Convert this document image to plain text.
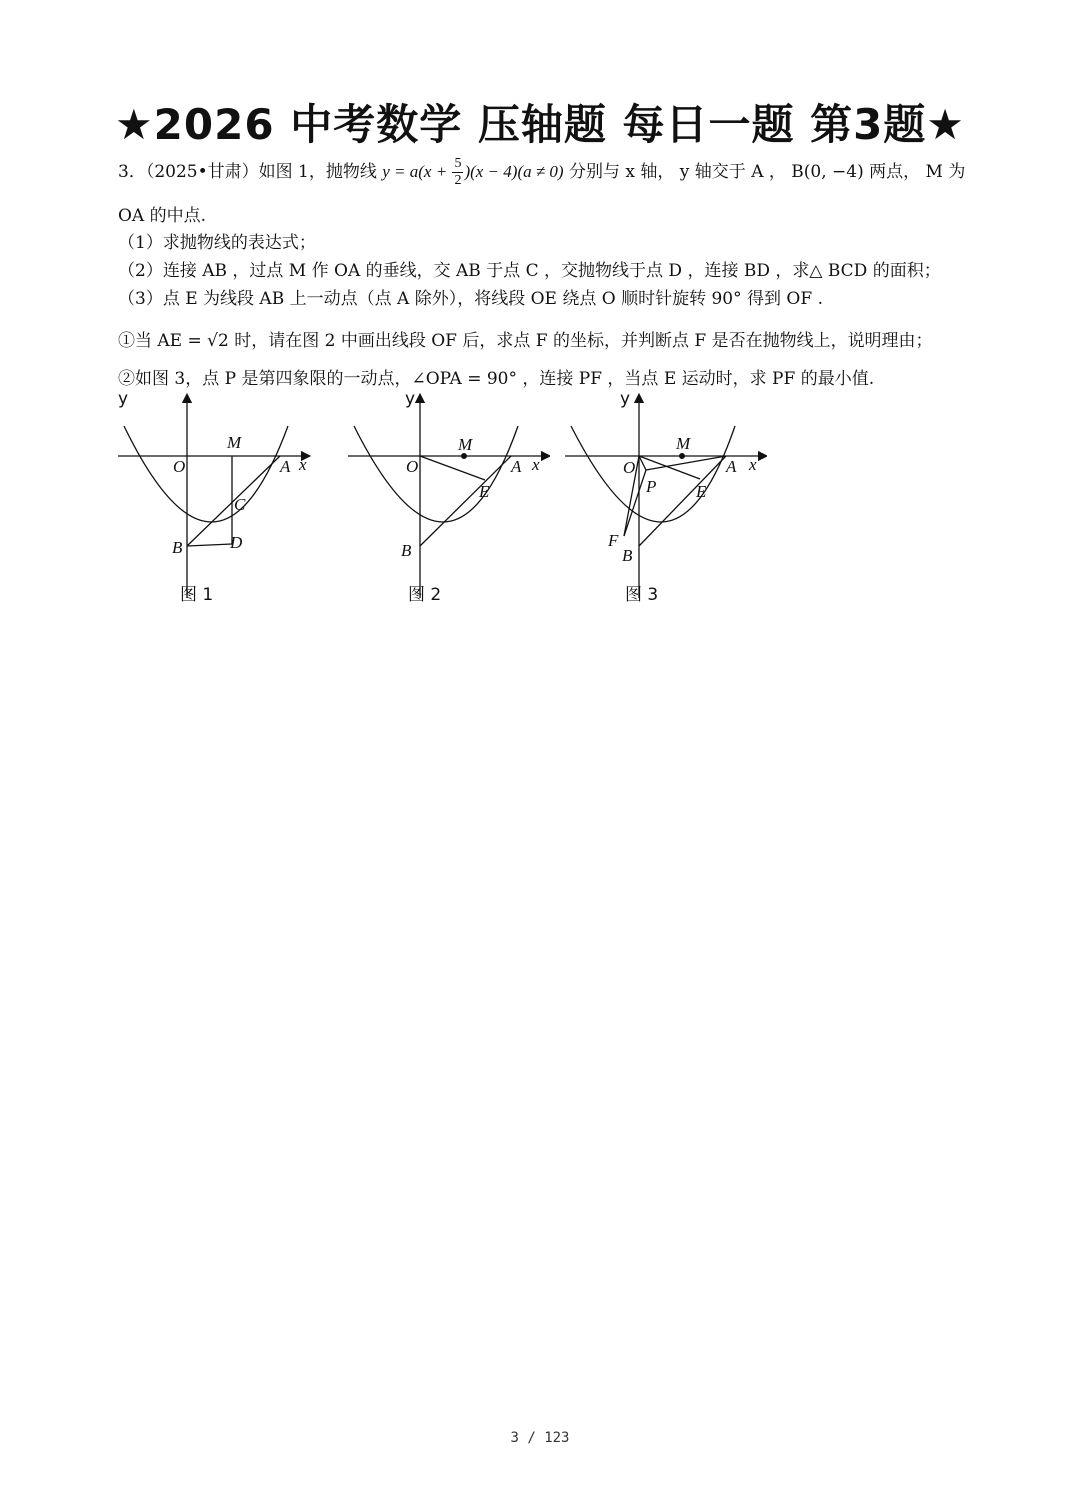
★2026 中考数学 压轴题 每日一题 第3题★
3．（2025•甘肃）如图 1，抛物线 $y = a(x + \frac{5}{2} )(x - 4)(a \ne 0)$ 分别与 x 轴， y 轴交于 A ， B(0, −4) 两点， M 为
OA 的中点.
（1）求抛物线的表达式；
（2）连接 AB ，过点 M 作 OA 的垂线，交 AB 于点 C ，交抛物线于点 D ，连接 BD ，求△ BCD 的面积；
（3）点 E 为线段 AB 上一动点（点 A 除外），将线段 OE 绕点 O 顺时针旋转 90° 得到 OF .
①当 AE = √2 时，请在图 2 中画出线段 OF 后，求点 F 的坐标，并判断点 F 是否在抛物线上，说明理由；
②如图 3，点 P 是第四象限的一动点，∠OPA = 90° ，连接 PF ，当点 E 运动时，求 PF 的最小值.
y
x
O	A
M
C
D
B
图 1
y
x
O	A
M
E
B
图 2
y
x
O	A
M
P E
F
B
图 3
3 / 123
